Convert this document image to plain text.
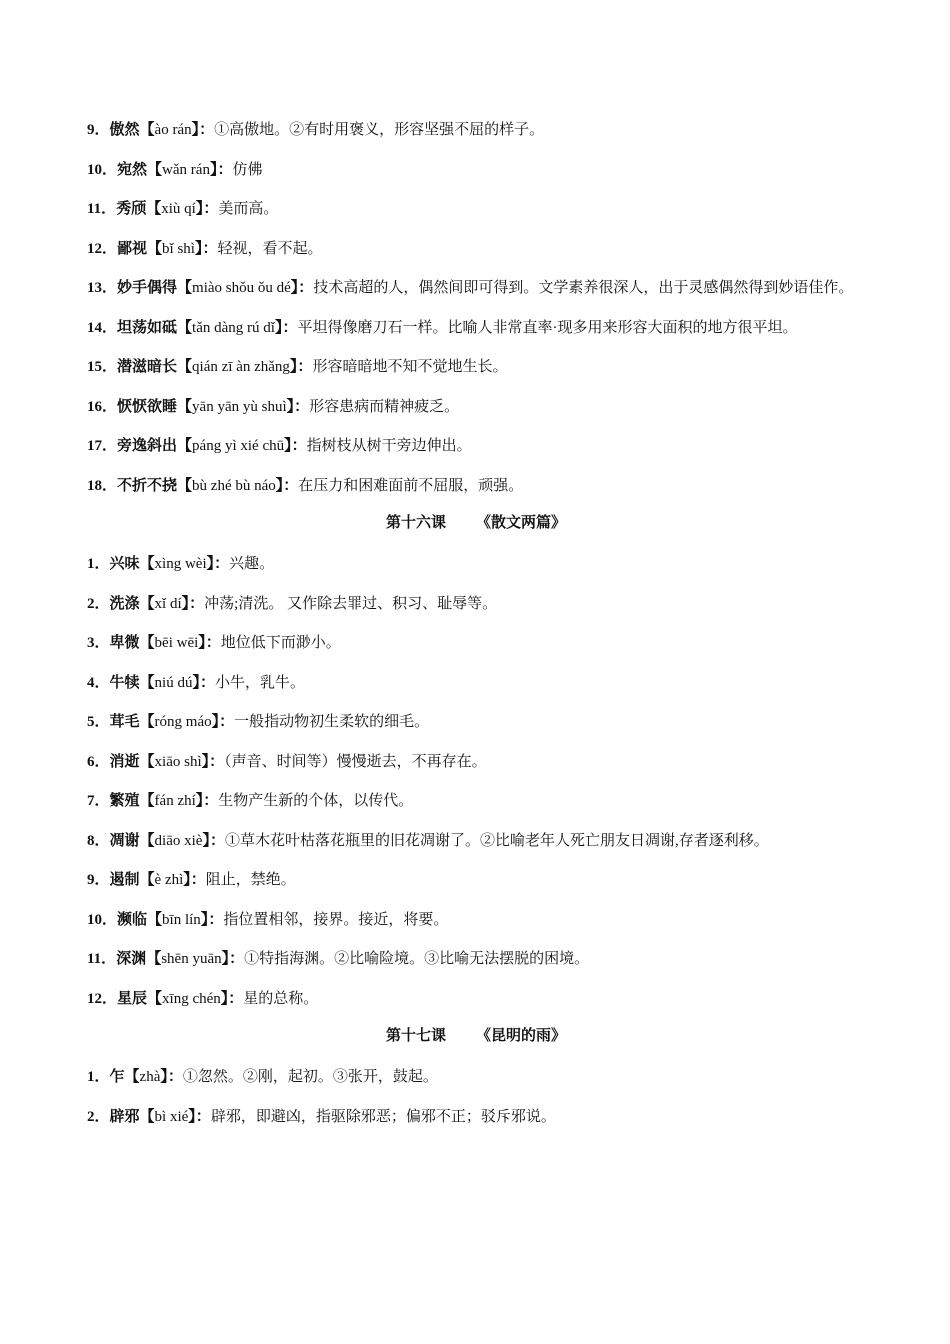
9．傲然【ào rán】：①高傲地。②有时用褒义，形容坚强不屈的样子。
10．宛然【wǎn rán】：仿佛
11．秀颀【xiù qí】：美而高。
12．鄙视【bǐ shì】：轻视，看不起。
13．妙手偶得【miào shǒu ǒu dé】：技术高超的人，偶然间即可得到。文学素养很深人，出于灵感偶然得到妙语佳作。
14．坦荡如砥【tǎn dàng rú dǐ】：平坦得像磨刀石一样。比喻人非常直率·现多用来形容大面积的地方很平坦。
15．潜滋暗长【qián zī àn zhǎng】：形容暗暗地不知不觉地生长。
16．恹恹欲睡【yān yān yù shuì】：形容患病而精神疲乏。
17．旁逸斜出【páng yì xié chū】：指树枝从树干旁边伸出。
18．不折不挠【bù zhé bù náo】：在压力和困难面前不屈服，顽强。
第十六课 《散文两篇》
1．兴味【xìng wèi】：兴趣。
2．洗涤【xǐ dí】：冲荡;清洗。 又作除去罪过、积习、耻辱等。
3．卑微【bēi wēi】：地位低下而渺小。
4．牛犊【niú dú】：小牛，乳牛。
5．茸毛【róng máo】：一般指动物初生柔软的细毛。
6．消逝【xiāo shì】：（声音、时间等）慢慢逝去，不再存在。
7．繁殖【fán zhí】：生物产生新的个体，以传代。
8．凋谢【diāo xiè】：①草木花叶枯落花瓶里的旧花凋谢了。②比喻老年人死亡朋友日凋谢,存者逐利移。
9．遏制【è zhì】：阻止，禁绝。
10．濒临【bīn lín】：指位置相邻，接界。接近，将要。
11．深渊【shēn yuān】：①特指海渊。②比喻险境。③比喻无法摆脱的困境。
12．星辰【xīng chén】：星的总称。
第十七课 《昆明的雨》
1．乍【zhà】：①忽然。②刚，起初。③张开，鼓起。
2．辟邪【bì xié】：辟邪，即避凶，指驱除邪恶；偏邪不正；驳斥邪说。
